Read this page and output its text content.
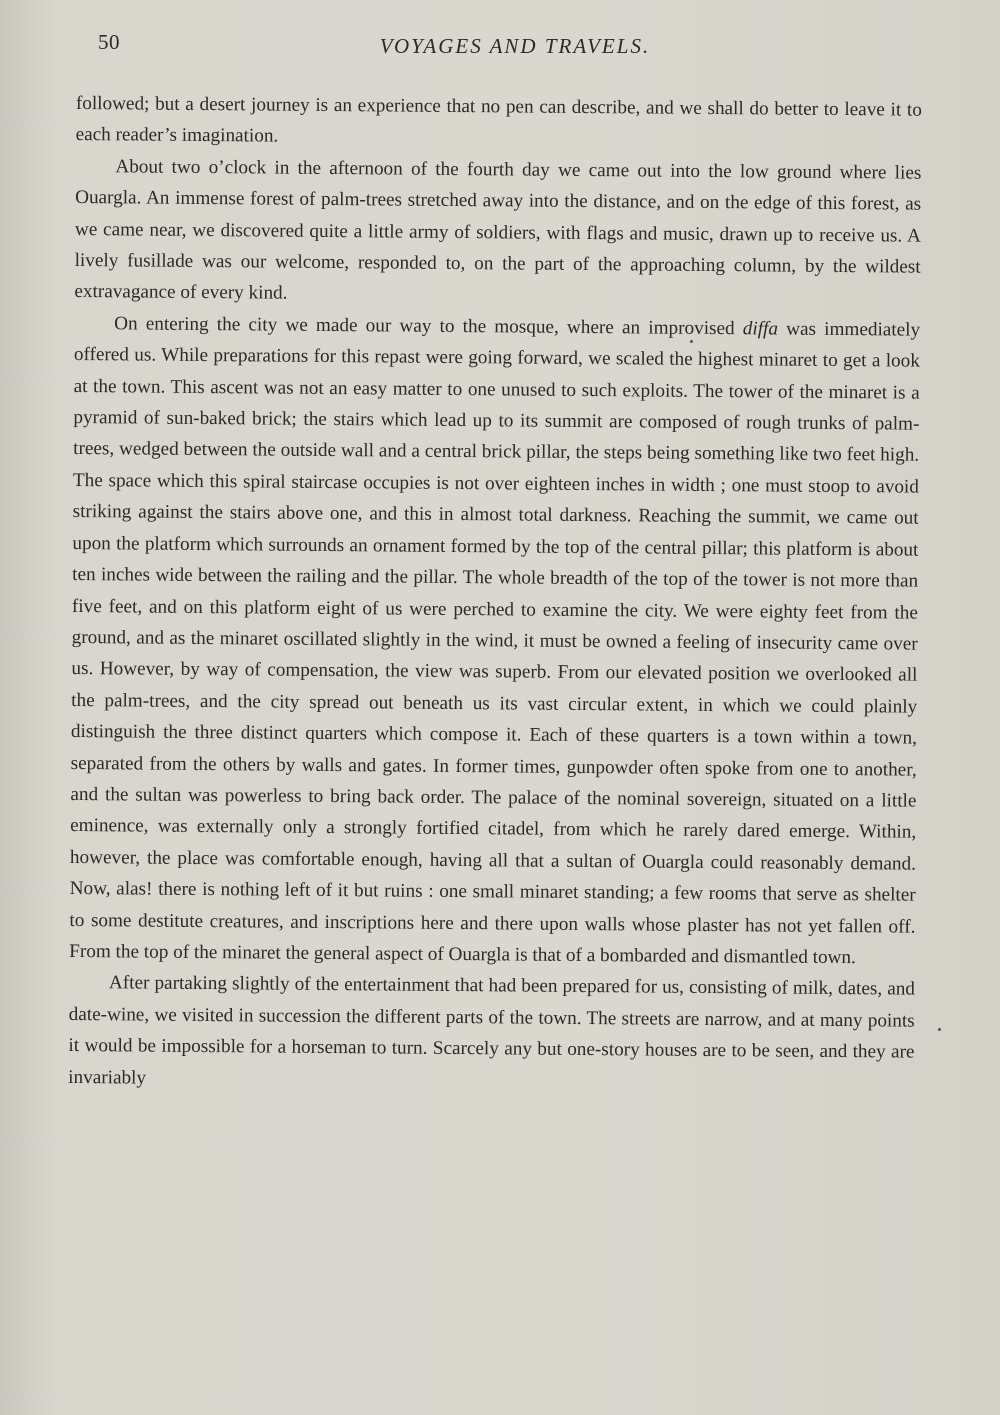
50	VOYAGES AND TRAVELS.

followed; but a desert journey is an experience that no pen can describe, and we shall do better to leave it to each reader’s imagination.

About two o’clock in the afternoon of the fourth day we came out into the low ground where lies Ouargla. An immense forest of palm-trees stretched away into the distance, and on the edge of this forest, as we came near, we discovered quite a little army of soldiers, with flags and music, drawn up to receive us. A lively fusillade was our welcome, responded to, on the part of the approaching column, by the wildest extravagance of every kind.

On entering the city we made our way to the mosque, where an improvised diffa was immediately offered us. While preparations for this repast were going forward, we scaled the highest minaret to get a look at the town. This ascent was not an easy matter to one unused to such exploits. The tower of the minaret is a pyramid of sun-baked brick; the stairs which lead up to its summit are composed of rough trunks of palm-trees, wedged between the outside wall and a central brick pillar, the steps being something like two feet high. The space which this spiral staircase occupies is not over eighteen inches in width ; one must stoop to avoid striking against the stairs above one, and this in almost total darkness. Reaching the summit, we came out upon the platform which surrounds an ornament formed by the top of the central pillar; this platform is about ten inches wide between the railing and the pillar. The whole breadth of the top of the tower is not more than five feet, and on this platform eight of us were perched to examine the city. We were eighty feet from the ground, and as the minaret oscillated slightly in the wind, it must be owned a feeling of insecurity came over us. However, by way of compensation, the view was superb. From our elevated position we overlooked all the palm-trees, and the city spread out beneath us its vast circular extent, in which we could plainly distinguish the three distinct quarters which compose it. Each of these quarters is a town within a town, separated from the others by walls and gates. In former times, gunpowder often spoke from one to another, and the sultan was powerless to bring back order. The palace of the nominal sovereign, situated on a little eminence, was externally only a strongly fortified citadel, from which he rarely dared emerge. Within, however, the place was comfortable enough, having all that a sultan of Ouargla could reasonably demand. Now, alas! there is nothing left of it but ruins : one small minaret standing; a few rooms that serve as shelter to some destitute creatures, and inscriptions here and there upon walls whose plaster has not yet fallen off. From the top of the minaret the general aspect of Ouargla is that of a bombarded and dismantled town.

After partaking slightly of the entertainment that had been prepared for us, consisting of milk, dates, and date-wine, we visited in succession the different parts of the town. The streets are narrow, and at many points it would be impossible for a horseman to turn. Scarcely any but one-story houses are to be seen, and they are invariably
